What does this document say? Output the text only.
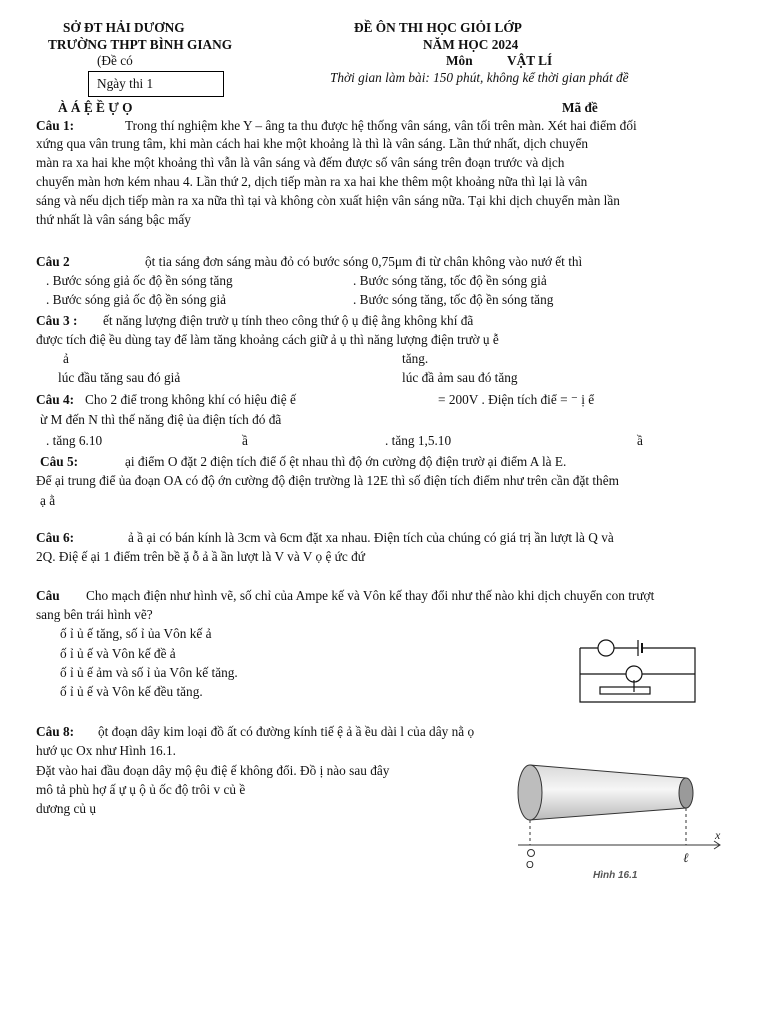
SỞ ĐT HẢI DƯƠNG
TRƯỜNG THPT BÌNH GIANG
(Đề có
Ngày thi 1
ĐỀ ÔN THI HỌC GIỎI LỚP
NĂM HỌC 2024
Môn	VẬT LÍ
Thời gian làm bài: 150 phút, không kể thời gian phát đề
À Á Ệ Ề Ự Ọ	Mã đề
Câu 1:	Trong thí nghiệm khe Y – âng ta thu được hệ thống vân sáng, vân tối trên màn. Xét hai điểm đối
xứng qua vân trung tâm, khi màn cách hai khe một khoảng là thì là vân sáng. Lần thứ nhất, dịch chuyển
màn ra xa hai khe một khoảng thì vẫn là vân sáng và đếm được số vân sáng trên đoạn trước và dịch
chuyển màn hơn kém nhau 4. Lần thứ 2, dịch tiếp màn ra xa hai khe thêm một khoảng nữa thì lại là vân
sáng và nếu dịch tiếp màn ra xa nữa thì tại và không còn xuất hiện vân sáng nữa. Tại khi dịch chuyển màn lần
thứ nhất là vân sáng bậc mấy
Câu 2	ột tia sáng đơn sáng màu đỏ có bước sóng 0,75μm đi từ chân không vào nướ ết thì
. Bước sóng giả ốc độ ền sóng tăng	. Bước sóng tăng, tốc độ ền sóng giả
. Bước sóng giả ốc độ ền sóng giả	. Bước sóng tăng, tốc độ ền sóng tăng
Câu 3 : ết năng lượng điện trườ ụ tính theo công thứ ộ ụ điệ ằng không khí đã
được tích điệ ều dùng tay để làm tăng khoảng cách giữ ả ụ thì năng lượng điện trườ ụ ễ
ả	tăng.
lúc đầu tăng sau đó giả	lúc đầ ảm sau đó tăng
Câu 4: Cho 2 điể trong không khí có hiệu điệ ế	= 200V . Điện tích điể = ⁻ ị ể
ừ M đến N thì thế năng điệ ủa điện tích đó đã
. tăng 6.10	ầ	. tăng 1,5.10	ầ
Câu 5:	ại điểm O đặt 2 điện tích điể ố ệt nhau thì độ ớn cường độ điện trườ ại điểm A là E.
Để ại trung điể ủa đoạn OA có độ ớn cường độ điện trường là 12E thì số điện tích điểm như trên cần đặt thêm
ạ ằ
Câu 6:	ả ầ ại có bán kính là 3cm và 6cm đặt xa nhau. Điện tích của chúng có giá trị ần lượt là Q và
2Q. Điệ ế ại 1 điểm trên bề ặ ỗ ả ầ ần lượt là V và V ọ ệ ức đứ
Câu Cho mạch điện như hình vẽ, số chỉ của Ampe kế và Vôn kế thay đổi như thế nào khi dịch chuyển con trượt
sang bên trái hình vẽ?
ố ỉ ủ ế tăng, số ỉ ủa Vôn kế ả
ố ỉ ủ ế và Vôn kế đề ả
ố ỉ ủ ế ảm và số ỉ ủa Vôn kế tăng.
ố ỉ ủ ế và Vôn kế đều tăng.
Câu 8: ột đoạn dây kim loại đồ ất có đường kính tiế ệ ả ầ ều dài l của dây nằ ọ
hướ ục Ox như Hình 16.1.
Đặt vào hai đầu đoạn dây mộ ệu điệ ế không đổi. Đồ ị nào sau đây
mô tả phù hợ ấ ự ụ ộ ủ ốc độ trôi v củ ề
dương củ ụ
x
O
ℓ
Hình 16.1
